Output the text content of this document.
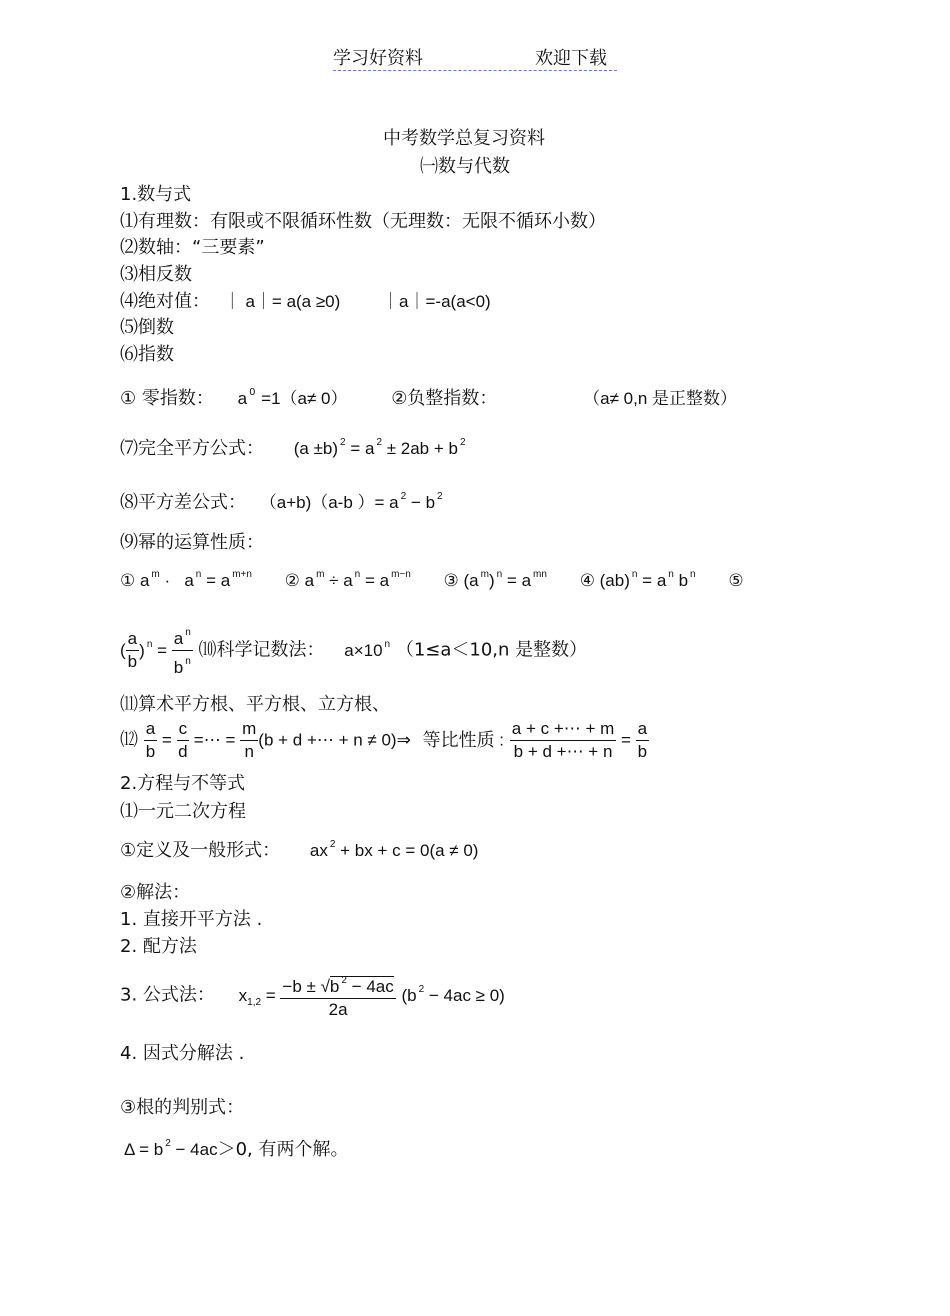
学习好资料	欢迎下载
中考数学总复习资料
㈠数与代数
1.数与式
⑴有理数：有限或不限循环性数（无理数：无限不循环小数）
⑵数轴：“三要素”
⑶相反数
⑷绝对值： ｜ a｜= a(a ≥0) ｜a｜=-a(a<0)
⑸倒数
⑹指数
① 零指数： a $^0$ =1（a≠ 0） ②负整指数：	（a≠ 0,n 是正整数）
⑺完全平方公式： (a ±b) $^2$ = a $^2$ ± 2ab + b $^2$
⑻平方差公式： （a+b)（a-b ）= a $^2$ − b $^2$
⑼幂的运算性质：
① a $^m$ ·   a $^n$ = a $^{m+n}$ ② a $^m$ ÷ a $^n$ = a $^{m-n}$ ③ (a $^m$) $^n$ = a $^{mn}$ ④ (ab) $^n$ = a $^n$ b $^n$ ⑤
( $\frac{a}{b}$ ) $^n = \frac{a ^n}{b ^n}$ ⑽科学记数法： a×10 $^n$ （1≤a＜10,n 是整数）
⑾算术平方根、平方根、立方根、
⑿ $\frac{a}{b} = \frac{c}{d}$ =⋯ = $\frac{m}{n} (b + d$ +⋯ + n ≠ 0)⇒ 等比性质 : $\frac{a + c +\cdots + m}{b + d +\cdots + n} = \frac{a}{b}$
2.方程与不等式
⑴一元二次方程
①定义及一般形式： ax $^2$ + bx + c = 0(a ≠ 0)
②解法：
1. 直接开平方法 .
2. 配方法
3. 公式法： $x_{1,2} = \frac{-b \pm √b ^2 - 4ac}{2a} (b$ $^2$ − 4ac ≥ 0)
4. 因式分解法 .
③根的判别式：
Δ = b $^2$ − 4ac＞0, 有两个解。
